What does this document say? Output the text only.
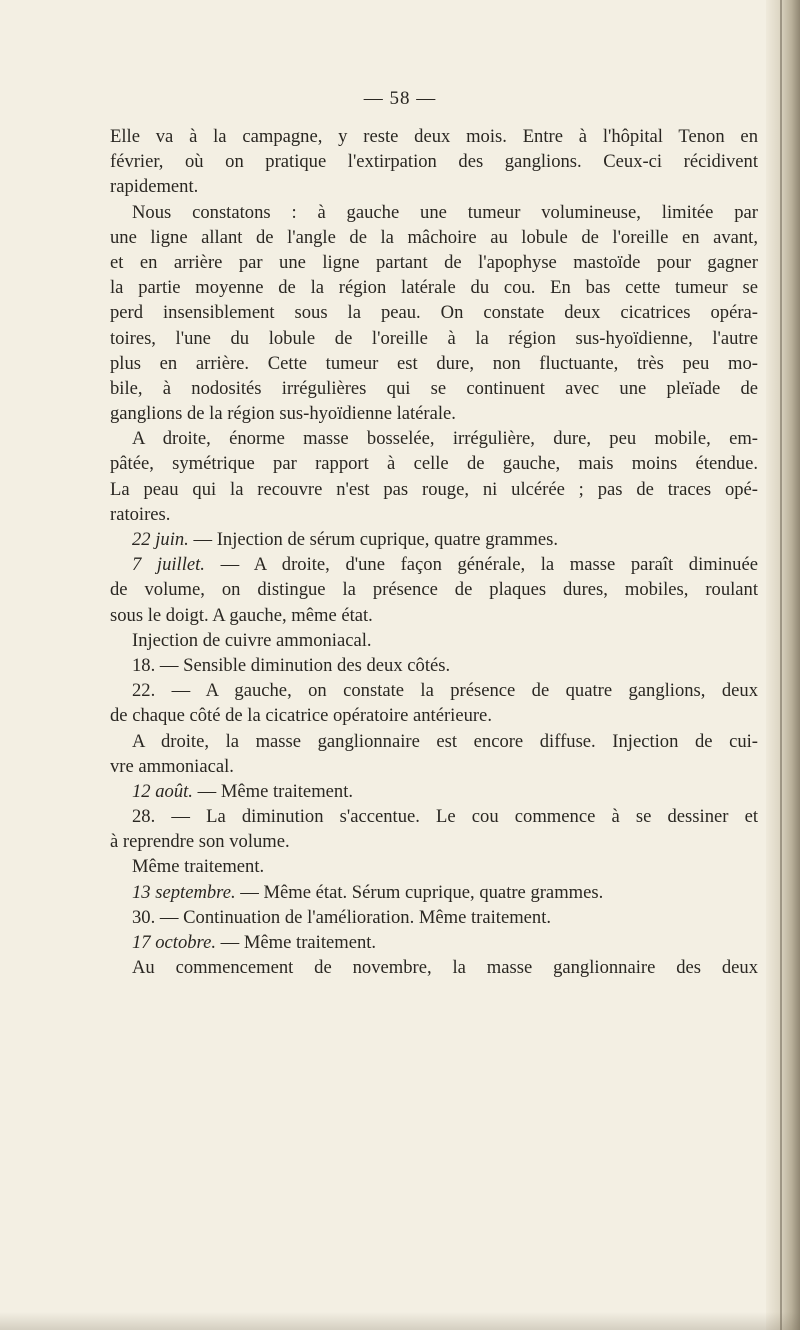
— 58 —
Elle va à la campagne, y reste deux mois. Entre à l'hôpital Tenon en
février, où on pratique l'extirpation des ganglions. Ceux-ci récidivent
rapidement.
Nous constatons : à gauche une tumeur volumineuse, limitée par
une ligne allant de l'angle de la mâchoire au lobule de l'oreille en avant,
et en arrière par une ligne partant de l'apophyse mastoïde pour gagner
la partie moyenne de la région latérale du cou. En bas cette tumeur se
perd insensiblement sous la peau. On constate deux cicatrices opéra-
toires, l'une du lobule de l'oreille à la région sus-hyoïdienne, l'autre
plus en arrière. Cette tumeur est dure, non fluctuante, très peu mo-
bile, à nodosités irrégulières qui se continuent avec une pleïade de
ganglions de la région sus-hyoïdienne latérale.
A droite, énorme masse bosselée, irrégulière, dure, peu mobile, em-
pâtée, symétrique par rapport à celle de gauche, mais moins étendue.
La peau qui la recouvre n'est pas rouge, ni ulcérée ; pas de traces opé-
ratoires.
22 juin. — Injection de sérum cuprique, quatre grammes.
7 juillet. — A droite, d'une façon générale, la masse paraît diminuée
de volume, on distingue la présence de plaques dures, mobiles, roulant
sous le doigt. A gauche, même état.
Injection de cuivre ammoniacal.
18. — Sensible diminution des deux côtés.
22. — A gauche, on constate la présence de quatre ganglions, deux
de chaque côté de la cicatrice opératoire antérieure.
A droite, la masse ganglionnaire est encore diffuse. Injection de cui-
vre ammoniacal.
12 août. — Même traitement.
28. — La diminution s'accentue. Le cou commence à se dessiner et
à reprendre son volume.
Même traitement.
13 septembre. — Même état. Sérum cuprique, quatre grammes.
30. — Continuation de l'amélioration. Même traitement.
17 octobre. — Même traitement.
Au commencement de novembre, la masse ganglionnaire des deux
